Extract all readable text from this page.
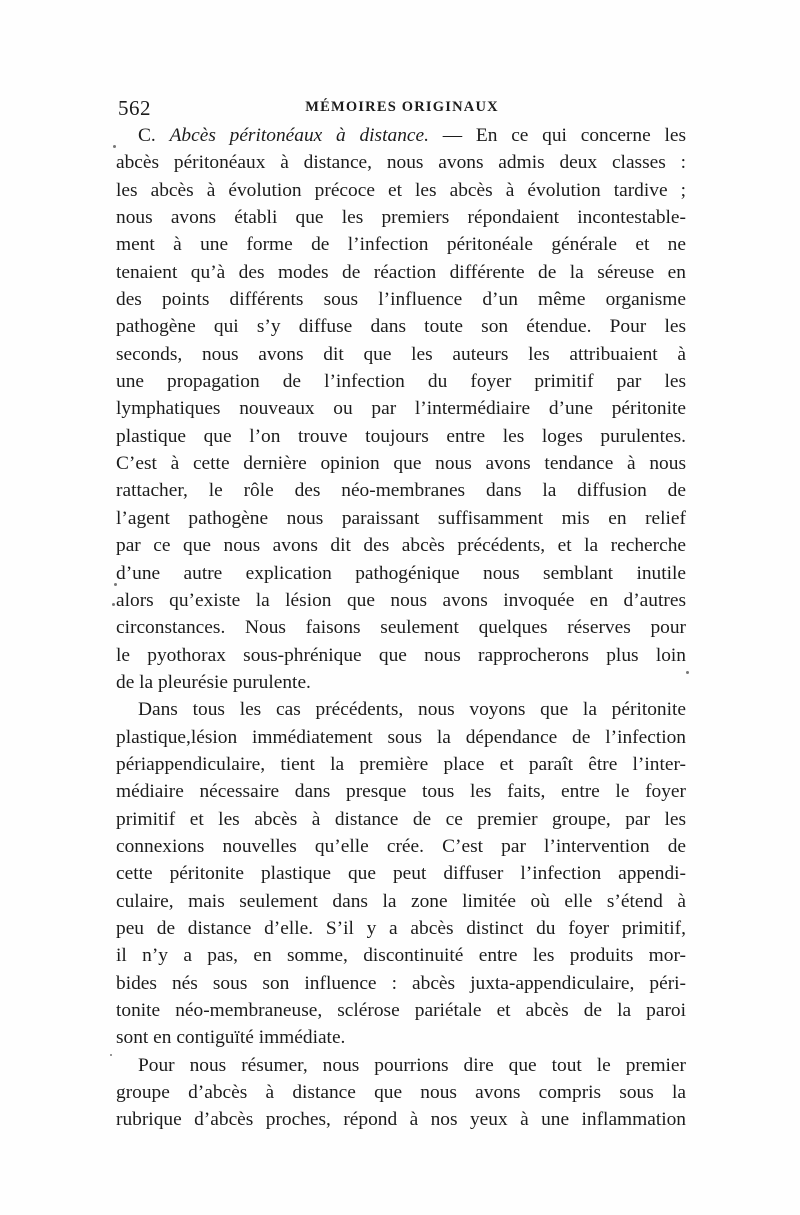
562	MÉMOIRES ORIGINAUX
C. Abcès péritonéaux à distance. — En ce qui concerne les
abcès péritonéaux à distance, nous avons admis deux classes :
les abcès à évolution précoce et les abcès à évolution tardive ;
nous avons établi que les premiers répondaient incontestable-
ment à une forme de l’infection péritonéale générale et ne
tenaient qu’à des modes de réaction différente de la séreuse en
des points différents sous l’influence d’un même organisme
pathogène qui s’y diffuse dans toute son étendue. Pour les
seconds, nous avons dit que les auteurs les attribuaient à
une propagation de l’infection du foyer primitif par les
lymphatiques nouveaux ou par l’intermédiaire d’une péritonite
plastique que l’on trouve toujours entre les loges purulentes.
C’est à cette dernière opinion que nous avons tendance à nous
rattacher, le rôle des néo-membranes dans la diffusion de
l’agent pathogène nous paraissant suffisamment mis en relief
par ce que nous avons dit des abcès précédents, et la recherche
d’une autre explication pathogénique nous semblant inutile
alors qu’existe la lésion que nous avons invoquée en d’autres
circonstances. Nous faisons seulement quelques réserves pour
le pyothorax sous-phrénique que nous rapprocherons plus loin
de la pleurésie purulente.
Dans tous les cas précédents, nous voyons que la péritonite
plastique,lésion immédiatement sous la dépendance de l’infection
périappendiculaire, tient la première place et paraît être l’inter-
médiaire nécessaire dans presque tous les faits, entre le foyer
primitif et les abcès à distance de ce premier groupe, par les
connexions nouvelles qu’elle crée. C’est par l’intervention de
cette péritonite plastique que peut diffuser l’infection appendi-
culaire, mais seulement dans la zone limitée où elle s’étend à
peu de distance d’elle. S’il y a abcès distinct du foyer primitif,
il n’y a pas, en somme, discontinuité entre les produits mor-
bides nés sous son influence : abcès juxta-appendiculaire, péri-
tonite néo-membraneuse, sclérose pariétale et abcès de la paroi
sont en contiguïté immédiate.
Pour nous résumer, nous pourrions dire que tout le premier
groupe d’abcès à distance que nous avons compris sous la
rubrique d’abcès proches, répond à nos yeux à une inflammation
